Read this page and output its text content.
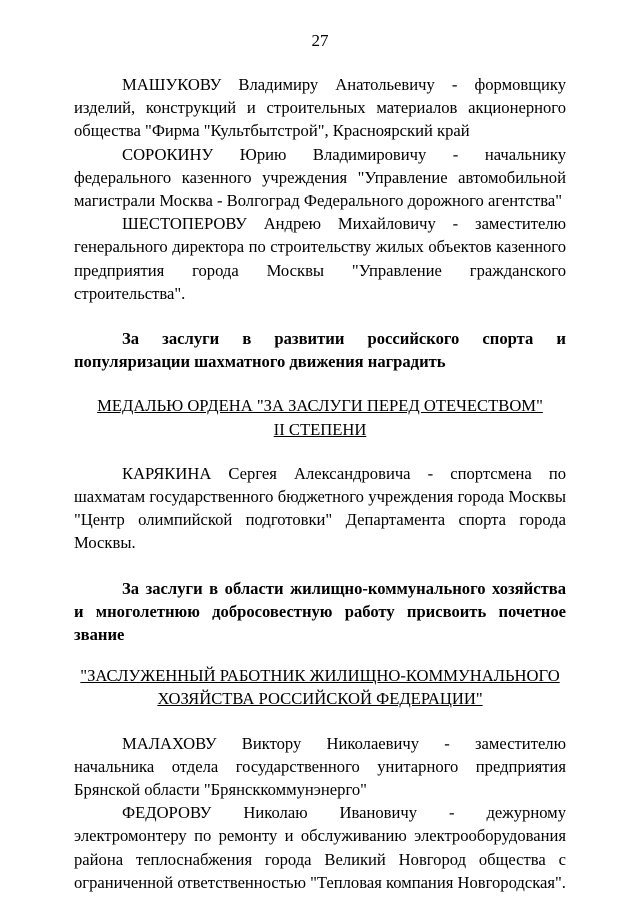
27

МАШУКОВУ Владимиру Анатольевичу - формовщику изделий, конструкций и строительных материалов акционерного общества "Фирма "Культбытстрой", Красноярский край

СОРОКИНУ Юрию Владимировичу - начальнику федерального казенного учреждения "Управление автомобильной магистрали Москва - Волгоград Федерального дорожного агентства"

ШЕСТОПЕРОВУ Андрею Михайловичу - заместителю генерального директора по строительству жилых объектов казенного предприятия города Москвы "Управление гражданского строительства".

За заслуги в развитии российского спорта и популяризации шахматного движения наградить

МЕДАЛЬЮ ОРДЕНА "ЗА ЗАСЛУГИ ПЕРЕД ОТЕЧЕСТВОМ"

II СТЕПЕНИ

КАРЯКИНА Сергея Александровича - спортсмена по шахматам государственного бюджетного учреждения города Москвы "Центр олимпийской подготовки" Департамента спорта города Москвы.

За заслуги в области жилищно-коммунального хозяйства и многолетнюю добросовестную работу присвоить почетное звание

"ЗАСЛУЖЕННЫЙ РАБОТНИК ЖИЛИЩНО-КОММУНАЛЬНОГО

ХОЗЯЙСТВА РОССИЙСКОЙ ФЕДЕРАЦИИ"

МАЛАХОВУ Виктору Николаевичу - заместителю начальника отдела государственного унитарного предприятия Брянской области "Брянсккоммунэнерго"

ФЕДОРОВУ Николаю Ивановичу - дежурному электромонтеру по ремонту и обслуживанию электрооборудования района теплоснабжения города Великий Новгород общества с ограниченной ответственностью "Тепловая компания Новгородская".
